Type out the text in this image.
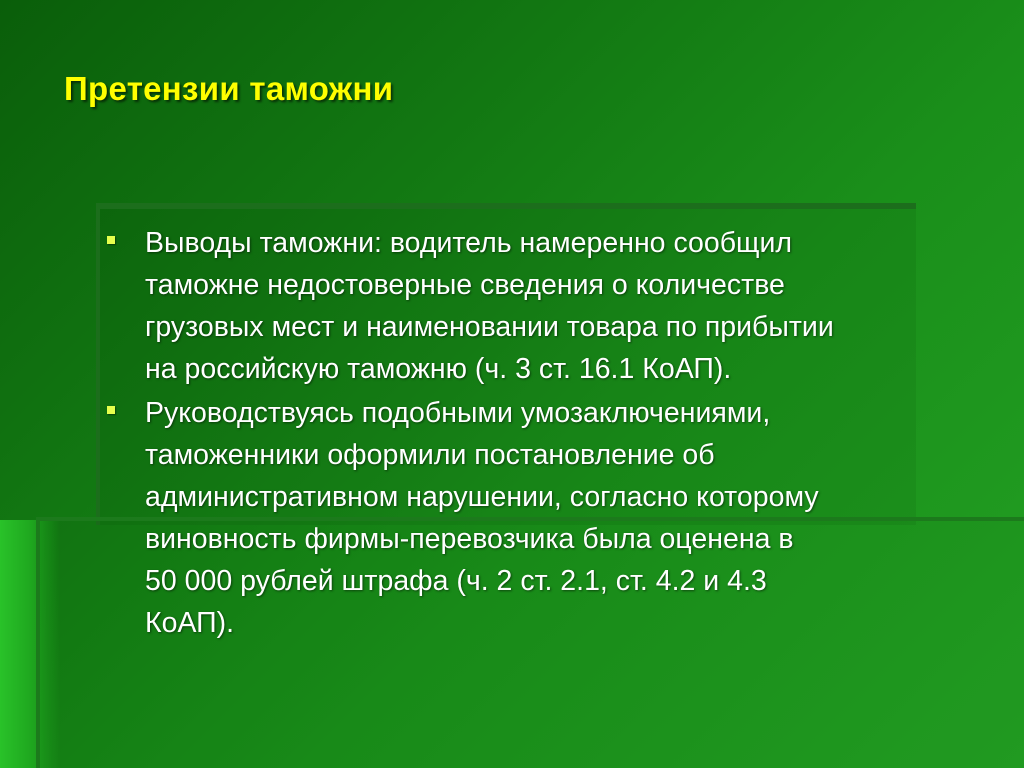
Претензии таможни
Выводы таможни: водитель намеренно сообщил
таможне недостоверные сведения о количестве
грузовых мест и наименовании товара по прибытии
на российскую таможню (ч. 3 ст. 16.1 КоАП).
Руководствуясь подобными умозаключениями,
таможенники оформили постановление об
административном нарушении, согласно которому
виновность фирмы-перевозчика была оценена в
50 000 рублей штрафа (ч. 2 ст. 2.1, ст. 4.2 и 4.3
КоАП).
